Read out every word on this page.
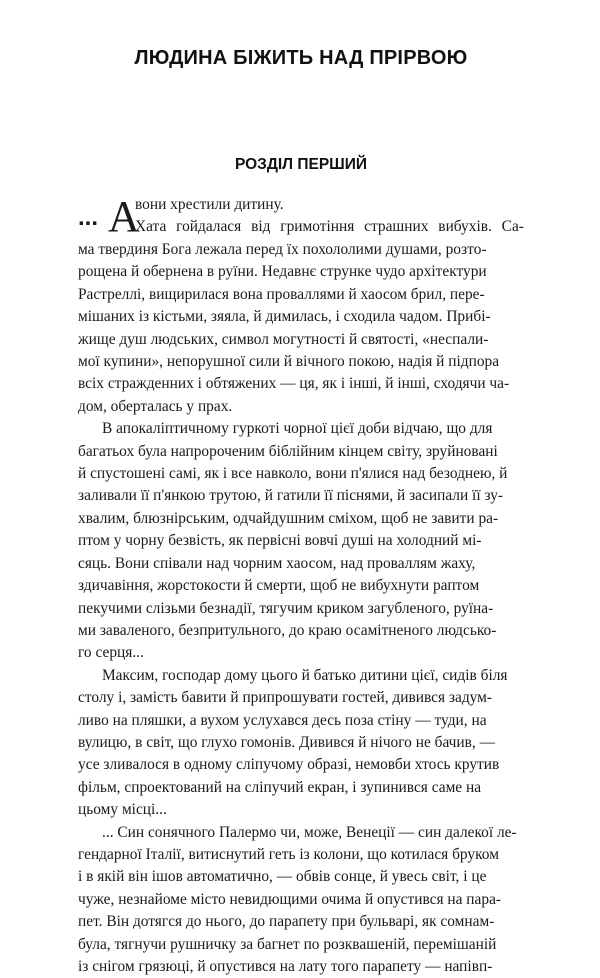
ЛЮДИНА БІЖИТЬ НАД ПРІРВОЮ
РОЗДІЛ ПЕРШИЙ
... А
вони хрестили дитину.
Хата гойдалася від гримотіння страшних вибухів. Са-
ма твердиня Бога лежала перед їх похололими душами, розтo-
рощена й обернена в руїни. Недавнє стрункe чудо архітектури
Растреллі, вищирилася вона проваллями й хаосом брил, пере-
мішаних із кістьми, зяяла, й димилась, і сходила чадом. Прибі-
жище душ людських, символ могутності й святості, «неспали-
мої купини», непорушної сили й вічного покою, надія й підпора
всіх стражденних і обтяжених — ця, як і інші, й інші, сходячи ча-
дом, оберталась у прах.
В апокаліптичному гуркоті чорної цієї доби відчаю, що для
багатьох була напророченим біблійним кінцем світу, зруйновані
й спустошені самі, як і все навколо, вони п'ялися над безоднею, й
заливали її п'янкою трутою, й гатили її піснями, й засипали її зу-
хвалим, блюзнірським, одчайдушним сміхом, щоб не завити ра-
птом у чорну безвість, як первісні вовчі душі на холодний мі-
сяць. Вони співали над чорним хаосом, над проваллям жаху,
здичавіння, жорстокости й смерти, щоб не вибухнути раптом
пекучими слізьми безнадії, тягучим криком загубленого, руїна-
ми заваленого, безпритульного, до краю осамітненого людсько-
го серця...
Максим, господар дому цього й батько дитини цієї, сидів біля
столу і, замість бавити й припрошувати гостей, дивився задум-
ливо на пляшки, а вухом услухався десь поза стіну — туди, на
вулицю, в світ, що глухо гомонів. Дивився й нічого не бачив, —
усе зливалося в одному сліпучому образі, немовби хтось крутив
фільм, спроектований на сліпучий екран, і зупинився саме на
цьому місці...
... Син сонячного Палермо чи, може, Венеції — син далекої ле-
гендарної Італії, витиснутий геть із колони, що котилася бруком
і в якій він ішов автоматично, — обвів сонце, й увесь світ, і це
чуже, незнайоме місто невидющими очима й опустився на пара-
пет. Він дотягся до нього, до парапету при бульварі, як сомнам-
була, тягнучи рушничку за багнет по розквашеній, перемішаній
із снігом грязюці, й опустився на лату того парапету — напівп-
